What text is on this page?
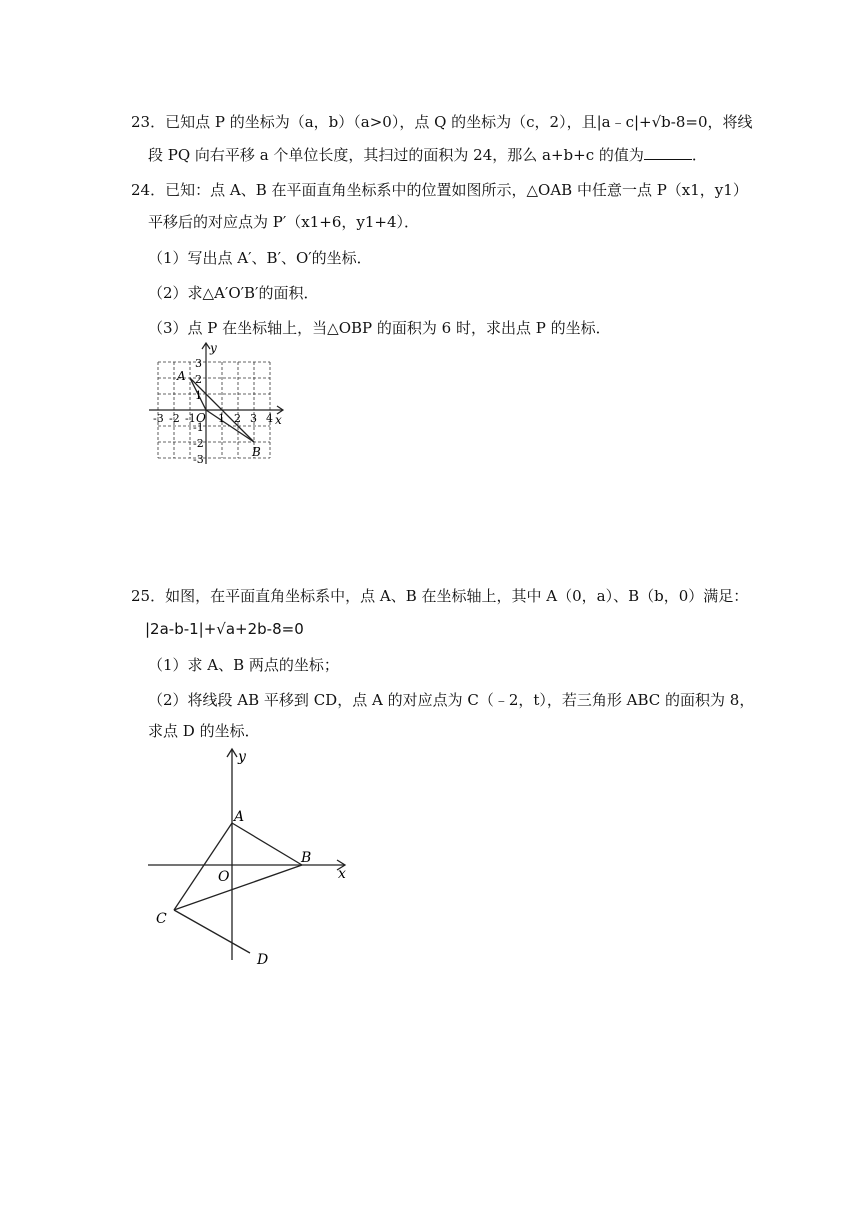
23．已知点 P 的坐标为（a，b）（a>0），点 Q 的坐标为（c，2），且|a﹣c|+√b-8=0，将线
段 PQ 向右平移 a 个单位长度，其扫过的面积为 24，那么 a+b+c 的值为	．
24．已知：点 A、B 在平面直角坐标系中的位置如图所示，△OAB 中任意一点 P（x1，y1）
平移后的对应点为 P′（x1+6，y1+4）．
（1）写出点 A′、B′、O′的坐标．
（2）求△A′O′B′的面积．
（3）点 P 在坐标轴上，当△OBP 的面积为 6 时，求出点 P 的坐标．
y
x
O
A
B
-3 -2 -1 1 2 3 4
3
2
1
-1
-2
-3
25．如图，在平面直角坐标系中，点 A、B 在坐标轴上，其中 A（0，a）、B（b，0）满足：
|2a-b-1|+√a+2b-8=0
（1）求 A、B 两点的坐标；
（2）将线段 AB 平移到 CD，点 A 的对应点为 C（﹣2，t），若三角形 ABC 的面积为 8，
求点 D 的坐标．
y
x
O
A
B
C
D
